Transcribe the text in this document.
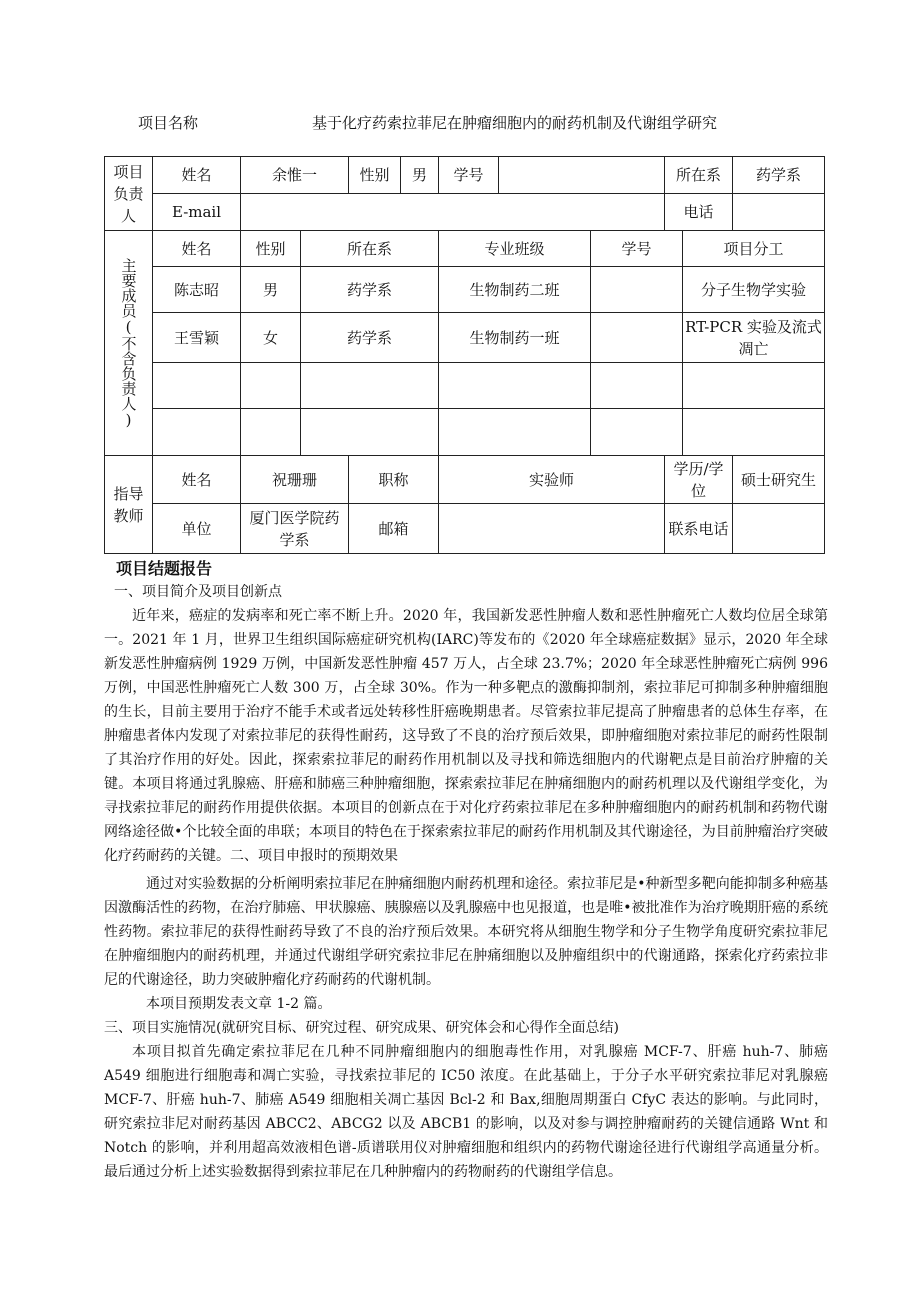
项目名称	基于化疗药索拉菲尼在肿瘤细胞内的耐药机制及代谢组学研究
项目负责人	姓名	余惟一		性别	男	学号			所在系		药学系
	E-mail								电话		
主要成员(不含负责人)	姓名	性别	所在系			专业班级		学号		项目分工	
	陈志昭	男	药学系			生物制药二班				分子生物学实验	
	王雪颖	女	药学系			生物制药一班				RT-PCR 实验及流式凋亡	

指导教师	姓名	祝珊珊		职称		实验师			学历/学位		硕士研究生
	单位	厦门医学院药学系		邮箱					联系电话		
项目结题报告

一、项目简介及项目创新点

近年来，癌症的发病率和死亡率不断上升。2020 年，我国新发恶性肿瘤人数和恶性肿瘤死亡人数均位居全球第一。2021 年 1 月，世界卫生组织国际癌症研究机构(IARC)等发布的《2020 年全球癌症数据》显示，2020 年全球新发恶性肿瘤病例 1929 万例，中国新发恶性肿瘤 457 万人，占全球 23.7%；2020 年全球恶性肿瘤死亡病例 996 万例，中国恶性肿瘤死亡人数 300 万，占全球 30%。作为一种多靶点的激酶抑制剂，索拉菲尼可抑制多种肿瘤细胞的生长，目前主要用于治疗不能手术或者远处转移性肝癌晚期患者。尽管索拉菲尼提高了肿瘤患者的总体生存率，在肿瘤患者体内发现了对索拉菲尼的获得性耐药，这导致了不良的治疗预后效果，即肿瘤细胞对索拉菲尼的耐药性限制了其治疗作用的好处。因此，探索索拉菲尼的耐药作用机制以及寻找和筛选细胞内的代谢靶点是目前治疗肿瘤的关键。本项目将通过乳腺癌、肝癌和肺癌三种肿瘤细胞，探索索拉菲尼在肿痛细胞内的耐药机理以及代谢组学变化，为寻找索拉菲尼的耐药作用提供依据。本项目的创新点在于对化疗药索拉菲尼在多种肿瘤细胞内的耐药机制和药物代谢网络途径做•个比较全面的串联；本项目的特色在于探索索拉菲尼的耐药作用机制及其代谢途径，为目前肿瘤治疗突破化疗药耐药的关键。二、项目申报时的预期效果

通过对实验数据的分析阐明索拉菲尼在肿痛细胞内耐药机理和途径。索拉菲尼是•种新型多靶向能抑制多种癌基因激酶活性的药物，在治疗肺癌、甲状腺癌、胰腺癌以及乳腺癌中也见报道，也是唯•被批准作为治疗晚期肝癌的系统性药物。索拉菲尼的获得性耐药导致了不良的治疗预后效果。本研究将从细胞生物学和分子生物学角度研究索拉菲尼在肿瘤细胞内的耐药机理，并通过代谢组学研究索拉非尼在肿痛细胞以及肿瘤组织中的代谢通路，探索化疗药索拉非尼的代谢途径，助力突破肿瘤化疗药耐药的代谢机制。

本项目预期发表文章 1-2 篇。

三、项目实施情况(就研究目标、研究过程、研究成果、研究体会和心得作全面总结)

本项目拟首先确定索拉菲尼在几种不同肿瘤细胞内的细胞毒性作用，对乳腺癌 MCF-7、肝癌 huh-7、肺癌 A549 细胞进行细胞毒和凋亡实验，寻找索拉菲尼的 IC50 浓度。在此基础上，于分子水平研究索拉菲尼对乳腺癌 MCF-7、肝癌 huh-7、肺癌 A549 细胞相关凋亡基因 Bcl-2 和 Bax,细胞周期蛋白 CfyC 表达的影响。与此同时，研究索拉非尼对耐药基因 ABCC2、ABCG2 以及 ABCB1 的影响，以及对参与调控肿瘤耐药的关键信通路 Wnt 和 Notch 的影响，并利用超高效液相色谱-质谱联用仪对肿瘤细胞和组织内的药物代谢途径进行代谢组学高通量分析。最后通过分析上述实验数据得到索拉菲尼在几种肿瘤内的药物耐药的代谢组学信息。
